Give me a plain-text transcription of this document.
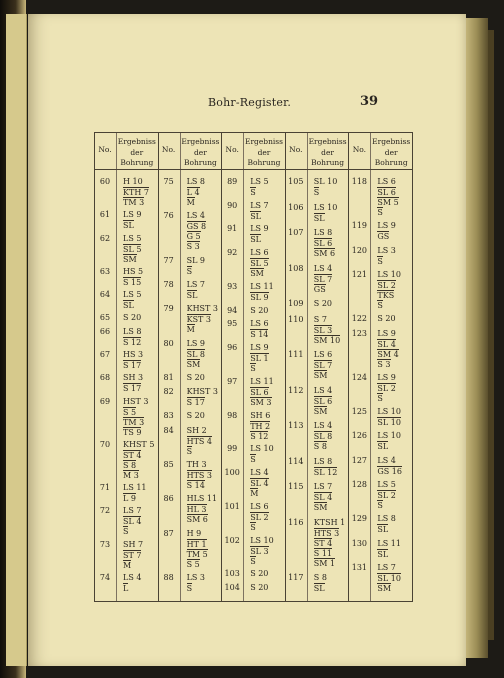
Bohr-Register.	39
No.
Ergebniss
der
Bohrung
No.
Ergebniss
der
Bohrung
No.
Ergebniss
der
Bohrung
No.
Ergebniss
der
Bohrung
No.
Ergebniss
der
Bohrung
60	H 10
KTH 7
TM 3
61	LS 9
SL
62	LS 5
SL 5
SM
63	HS 5
S 15
64	LS 5
SL
65	S 20
66	LS 8
S 12
67	HS 3
S 17
68	SH 3
S 17
69	HST 3
S 5
TM 3
TS 9
70	KHST 5
ST 4
S 8
M 3
71	LS 11
L 9
72	LS 7
SL 4
S
73	SH 7
ST 7
M
74	LS 4
L
75	LS 8
L 4
M
76	LS 4
GS 8
G 5
S 3
77	SL 9
S
78	LS 7
SL
79	KHST 3
KST 3
M
80	LS 9
SL 8
SM
81	S 20
82	KHST 3
S 17
83	S 20
84	SH 2
HTS 4
S
85	TH 3
HTS 3
S 14
86	HLS 11
HL 3
SM 6
87	H 9
HT 1
TM 5
S 5
88	LS 3
S
89	LS 5
S
90	LS 7
SL
91	LS 9
SL
92	LS 6
SL 5
SM
93	LS 11
SL 9
94	S 20
95	LS 6
S 14
96	LS 9
SL 1
S
97	LS 11
SL 6
SM 3
98	SH 6
TH 2
S 12
99	LS 10
S
100	LS 4
SL 4
M
101	LS 6
SL 2
S
102	LS 10
SL 3
S
103	S 20
104	S 20
105	SL 10
S
106	LS 10
SL
107	LS 8
SL 6
SM 6
108	LS 4
SL 7
GS
109	S 20
110	S 7
SL 3
SM 10
111	LS 6
SL 7
SM
112	LS 4
SL 6
SM
113	LS 4
SL 8
S 8
114	LS 8
SL 12
115	LS 7
SL 4
SM
116	KTSH 1
HTS 3
ST 4
S 11
SM 1
117	S 8
SL
118	LS 6
SL 6
SM 5
S
119	LS 9
GS
120	LS 3
S
121	LS 10
SL 2
TKS
S
122	S 20
123	LS 9
SL 4
SM 4
S 3
124	LS 9
SL 2
S
125	LS 10
SL 10
126	LS 10
SL
127	LS 4
GS 16
128	LS 5
SL 2
S
129	LS 8
SL
130	LS 11
SL
131	LS 7
SL 10
SM
